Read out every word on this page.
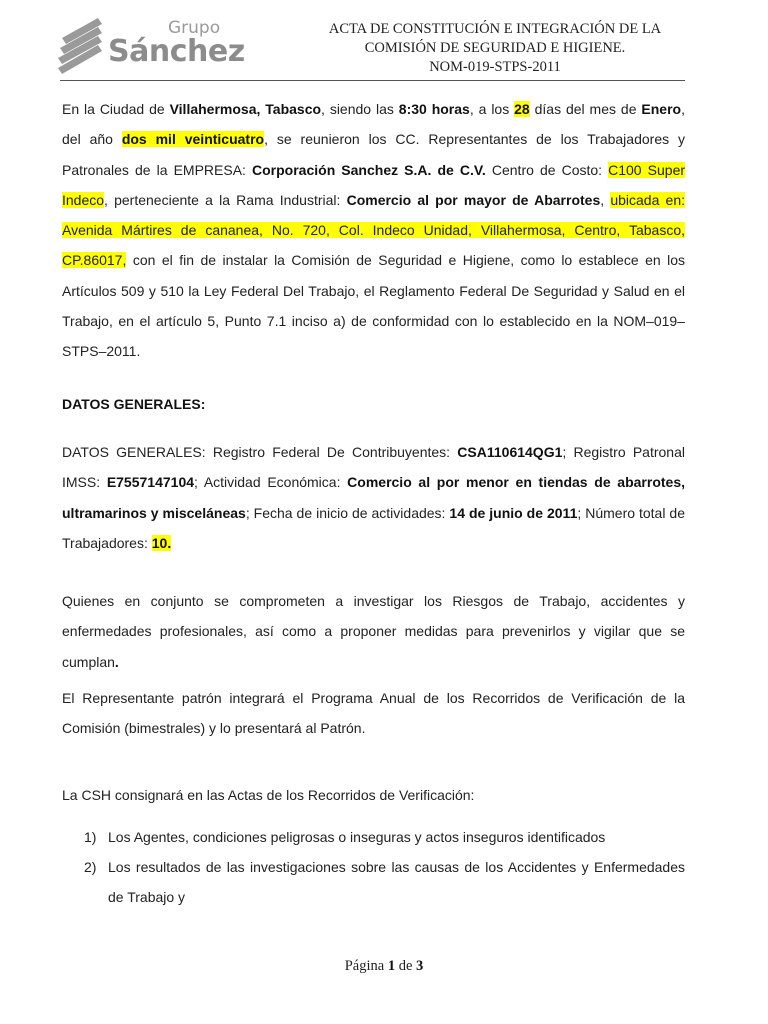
Grupo
Sánchez
ACTA DE CONSTITUCIÓN E INTEGRACIÓN DE LA
COMISIÓN DE SEGURIDAD E HIGIENE.
NOM-019-STPS-2011

En la Ciudad de Villahermosa, Tabasco, siendo las 8:30 horas, a los 28 días del mes de Enero, del año dos mil veinticuatro, se reunieron los CC. Representantes de los Trabajadores y Patronales de la EMPRESA: Corporación Sanchez S.A. de C.V. Centro de Costo: C100 Super Indeco, perteneciente a la Rama Industrial: Comercio al por mayor de Abarrotes, ubicada en: Avenida Mártires de cananea, No. 720, Col. Indeco Unidad, Villahermosa, Centro, Tabasco, CP.86017, con el fin de instalar la Comisión de Seguridad e Higiene, como lo establece en los Artículos 509 y 510 la Ley Federal Del Trabajo, el Reglamento Federal De Seguridad y Salud en el Trabajo, en el artículo 5, Punto 7.1 inciso a) de conformidad con lo establecido en la NOM–019–STPS–2011.

DATOS GENERALES:

DATOS GENERALES: Registro Federal De Contribuyentes: CSA110614QG1; Registro Patronal IMSS: E7557147104; Actividad Económica: Comercio al por menor en tiendas de abarrotes, ultramarinos y misceláneas; Fecha de inicio de actividades: 14 de junio de 2011; Número total de Trabajadores: 10.

Quienes en conjunto se comprometen a investigar los Riesgos de Trabajo, accidentes y enfermedades profesionales, así como a proponer medidas para prevenirlos y vigilar que se cumplan.

El Representante patrón integrará el Programa Anual de los Recorridos de Verificación de la Comisión (bimestrales) y lo presentará al Patrón.

La CSH consignará en las Actas de los Recorridos de Verificación:

1) Los Agentes, condiciones peligrosas o inseguras y actos inseguros identificados
2) Los resultados de las investigaciones sobre las causas de los Accidentes y Enfermedades de Trabajo y
Página 1 de 3
